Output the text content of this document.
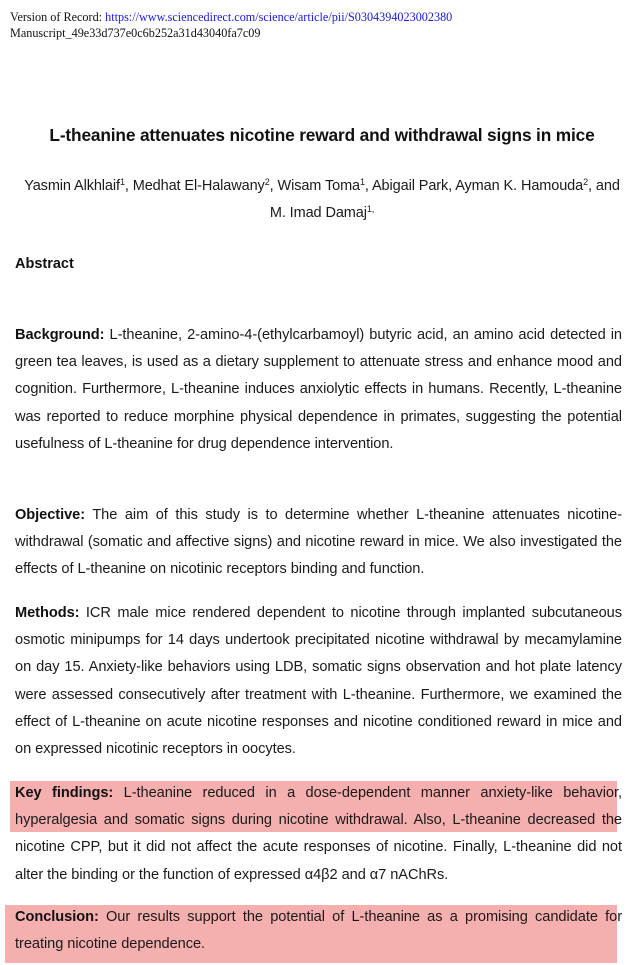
Version of Record: https://www.sciencedirect.com/science/article/pii/S0304394023002380
Manuscript_49e33d737e0c6b252a31d43040fa7c09
L-theanine attenuates nicotine reward and withdrawal signs in mice
Yasmin Alkhlaif$^1$, Medhat El-Halawany$^2$, Wisam Toma$^1$, Abigail Park, Ayman K. Hamouda$^2$, and M. Imad Damaj$^{1,}$
Abstract
Background: L-theanine, 2-amino-4-(ethylcarbamoyl) butyric acid, an amino acid detected in green tea leaves, is used as a dietary supplement to attenuate stress and enhance mood and cognition. Furthermore, L-theanine induces anxiolytic effects in humans. Recently, L-theanine was reported to reduce morphine physical dependence in primates, suggesting the potential usefulness of L-theanine for drug dependence intervention.
Objective: The aim of this study is to determine whether L-theanine attenuates nicotine-withdrawal (somatic and affective signs) and nicotine reward in mice. We also investigated the effects of L-theanine on nicotinic receptors binding and function.
Methods: ICR male mice rendered dependent to nicotine through implanted subcutaneous osmotic minipumps for 14 days undertook precipitated nicotine withdrawal by mecamylamine on day 15. Anxiety-like behaviors using LDB, somatic signs observation and hot plate latency were assessed consecutively after treatment with L-theanine. Furthermore, we examined the effect of L-theanine on acute nicotine responses and nicotine conditioned reward in mice and on expressed nicotinic receptors in oocytes.
Key findings: L-theanine reduced in a dose-dependent manner anxiety-like behavior, hyperalgesia and somatic signs during nicotine withdrawal. Also, L-theanine decreased the nicotine CPP, but it did not affect the acute responses of nicotine. Finally, L-theanine did not alter the binding or the function of expressed α4β2 and α7 nAChRs.
Conclusion: Our results support the potential of L-theanine as a promising candidate for treating nicotine dependence.
